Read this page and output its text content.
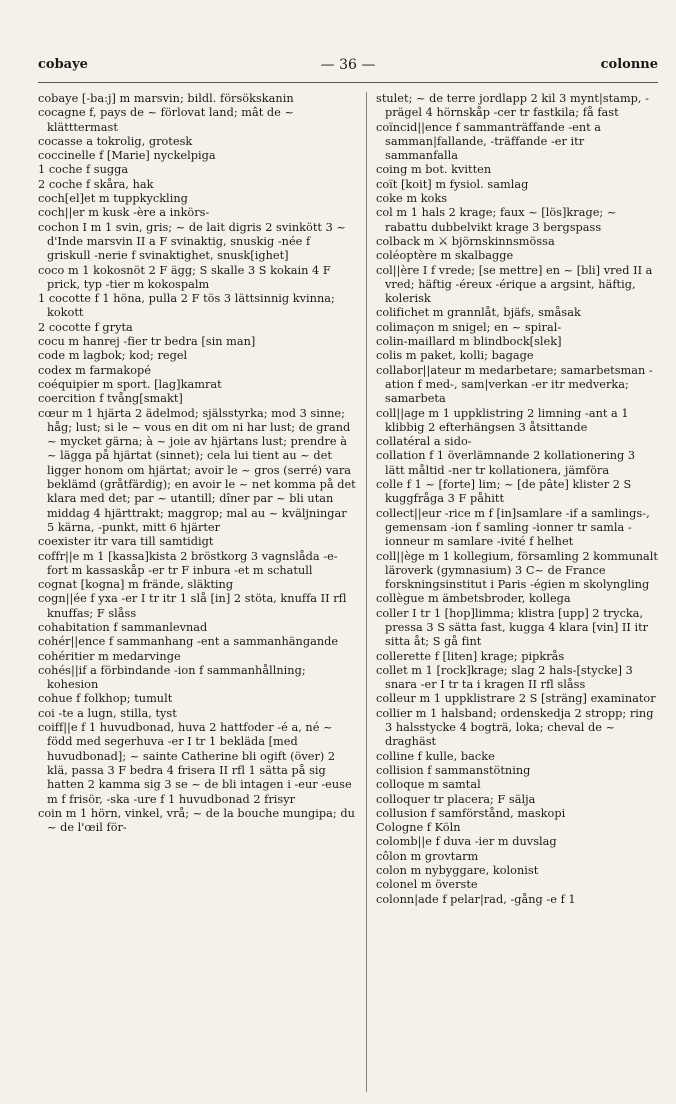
cobaye	— 36 —	colonne

cobaye [-ba:j] m marsvin; bildl. försökskanin

cocagne f, pays de ~ förlovat land; mât de ~ klätttermast

cocasse a tokrolig, grotesk

coccinelle f [Marie] nyckelpiga

1 coche f sugga

2 coche f skåra, hak

coch[el]et m tuppkyckling

coch||er m kusk -ère a inkörs-

cochon I m 1 svin, gris; ~ de lait digris 2 svinkött 3 ~ d'Inde marsvin II a F svinaktig, snuskig -née f griskull -nerie f svinaktighet, snusk[ighet]

coco m 1 kokosnöt 2 F ägg; S skalle 3 S kokain 4 F prick, typ -tier m kokospalm

1 cocotte f 1 höna, pulla 2 F tös 3 lättsinnig kvinna; kokott

2 cocotte f gryta

cocu m hanrej -fier tr bedra [sin man]

code m lagbok; kod; regel

codex m farmakopé

coéquipier m sport. [lag]kamrat

coercition f tvång[smakt]

cœur m 1 hjärta 2 ädelmod; själsstyrka; mod 3 sinne; håg; lust; si le ~ vous en dit om ni har lust; de grand ~ mycket gärna; à ~ joie av hjärtans lust; prendre à ~ lägga på hjärtat (sinnet); cela lui tient au ~ det ligger honom om hjärtat; avoir le ~ gros (serré) vara beklämd (gråtfärdig); en avoir le ~ net komma på det klara med det; par ~ utantill; dîner par ~ bli utan middag 4 hjärttrakt; maggrop; mal au ~ kväljningar 5 kärna, -punkt, mitt 6 hjärter

coexister itr vara till samtidigt

coffr||e m 1 [kassa]kista 2 bröstkorg 3 vagnslåda -e-fort m kassaskåp -er tr F inbura -et m schatull

cognat [kogna] m frände, släkting

cogn||ée f yxa -er I tr itr 1 slå [in] 2 stöta, knuffa II rfl knuffas; F slåss

cohabitation f sammanlevnad

cohér||ence f sammanhang -ent a sammanhängande

cohéritier m medarvinge

cohés||if a förbindande -ion f sammanhållning; kohesion

cohue f folkhop; tumult

coi -te a lugn, stilla, tyst

coiff||e f 1 huvudbonad, huva 2 hattfoder -é a, né ~ född med segerhuva -er I tr 1 bekläda [med huvudbonad]; ~ sainte Catherine bli ogift (över) 2 klä, passa 3 F bedra 4 frisera II rfl 1 sätta på sig hatten 2 kamma sig 3 se ~ de bli intagen i -eur -euse m f frisör, -ska -ure f 1 huvudbonad 2 frisyr

coin m 1 hörn, vinkel, vrå; ~ de la bouche mungipa; du ~ de l'œil för-

stulet; ~ de terre jordlapp 2 kil 3 mynt|stamp, -prägel 4 hörnskåp -cer tr fastkila; få fast

coïncid||ence f sammanträffande -ent a samman|fallande, -träffande -er itr sammanfalla

coing m bot. kvitten

coït [koit] m fysiol. samlag

coke m koks

col m 1 hals 2 krage; faux ~ [lös]krage; ~ rabattu dubbelvikt krage 3 bergspass

colback m ⚔ björnskinnsmössa

coléoptère m skalbagge

col||ère I f vrede; [se mettre] en ~ [bli] vred II a vred; häftig -éreux -érique a argsint, häftig, kolerisk

colifichet m grannlåt, bjäfs, småsak

colimaçon m snigel; en ~ spiral-

colin-maillard m blindbock[slek]

colis m paket, kolli; bagage

collabor||ateur m medarbetare; samarbetsman -ation f med-, sam|verkan -er itr medverka; samarbeta

coll||age m 1 uppklistring 2 limning -ant a 1 klibbig 2 efterhängsen 3 åtsittande

collatéral a sido-

collation f 1 överlämnande 2 kollationering 3 lätt måltid -ner tr kollationera, jämföra

colle f 1 ~ [forte] lim; ~ [de pâte] klister 2 S kuggfråga 3 F påhitt

collect||eur -rice m f [in]samlare -if a samlings-, gemensam -ion f samling -ionner tr samla -ionneur m samlare -ivité f helhet

coll||ège m 1 kollegium, församling 2 kommunalt läroverk (gymnasium) 3 C~ de France forskningsinstitut i Paris -égien m skolyngling

collègue m ämbetsbroder, kollega

coller I tr 1 [hop]limma; klistra [upp] 2 trycka, pressa 3 S sätta fast, kugga 4 klara [vin] II itr sitta åt; S gå fint

collerette f [liten] krage; pipkrås

collet m 1 [rock]krage; slag 2 hals-[stycke] 3 snara -er I tr ta i kragen II rfl slåss

colleur m 1 uppklistrare 2 S [sträng] examinator

collier m 1 halsband; ordenskedja 2 stropp; ring 3 halsstycke 4 bogträ, loka; cheval de ~ draghäst

colline f kulle, backe

collision f sammanstötning

colloque m samtal

colloquer tr placera; F sälja

collusion f samförstånd, maskopi

Cologne f Köln

colomb||e f duva -ier m duvslag

côlon m grovtarm

colon m nybyggare, kolonist

colonel m överste

colonn|ade f pelar|rad, -gång -e f 1
